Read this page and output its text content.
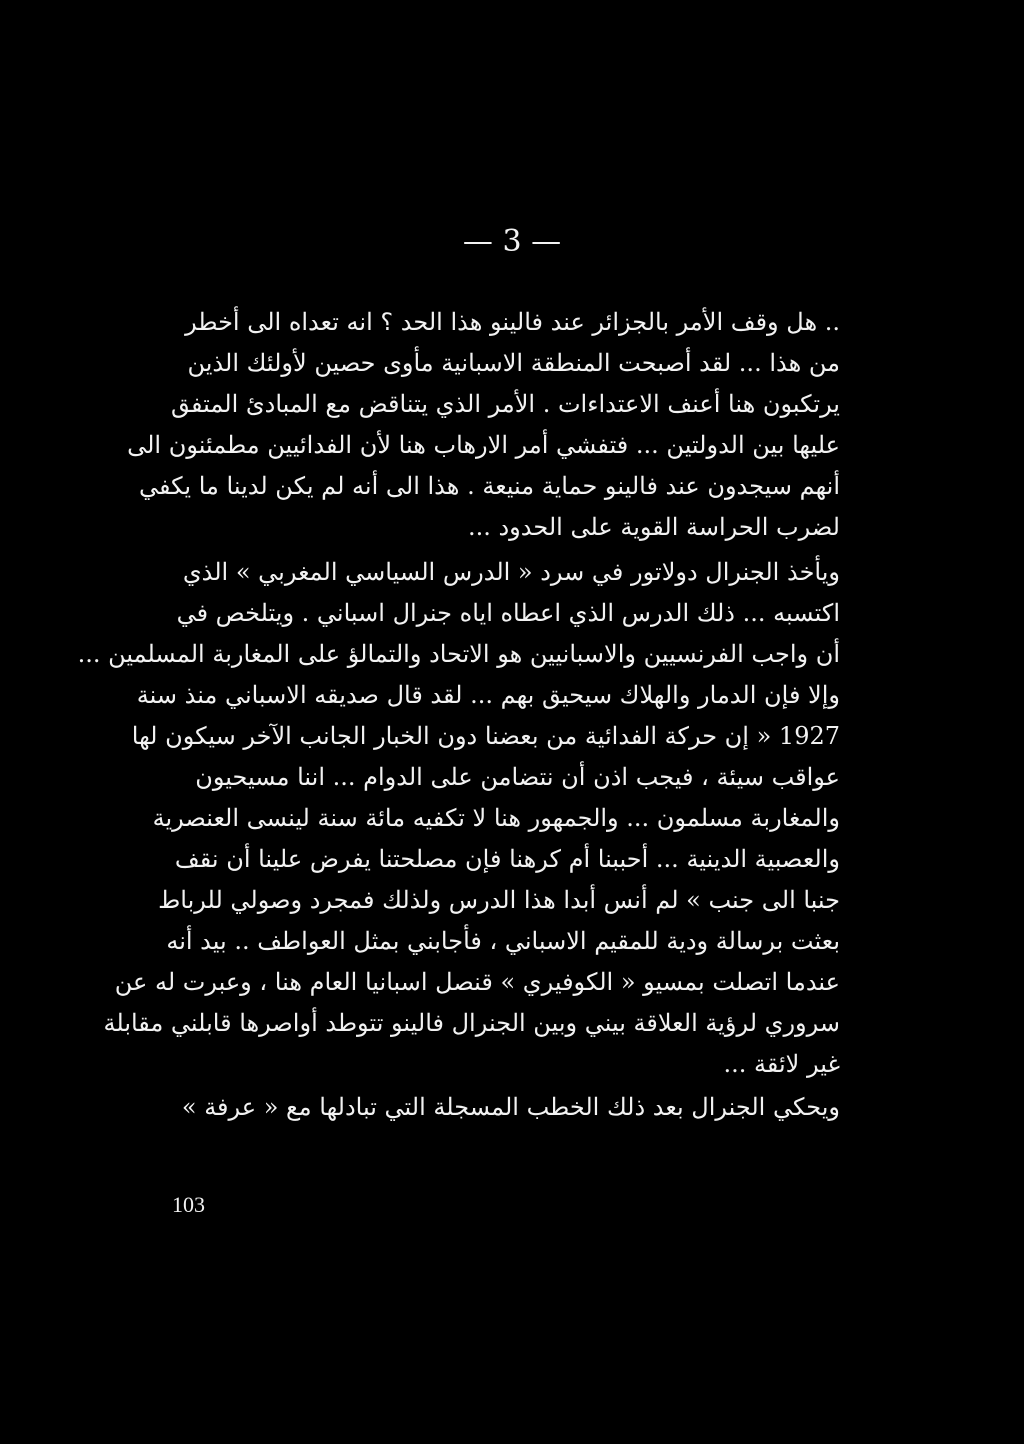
— 3 —
.. هل وقف الأمر بالجزائر عند فالينو هذا الحد ؟ انه تعداه الى أخطر
من هذا ... لقد أصبحت المنطقة الاسبانية مأوى حصين لأولئك الذين
يرتكبون هنا أعنف الاعتداءات . الأمر الذي يتناقض مع المبادئ المتفق
عليها بين الدولتين ... فتفشي أمر الارهاب هنا لأن الفدائيين مطمئنون الى
أنهم سيجدون عند فالينو حماية منيعة . هذا الى أنه لم يكن لدينا ما يكفي
لضرب الحراسة القوية على الحدود ...
ويأخذ الجنرال دولاتور في سرد « الدرس السياسي المغربي » الذي
اكتسبه ... ذلك الدرس الذي اعطاه اياه جنرال اسباني . ويتلخص في
أن واجب الفرنسيين والاسبانيين هو الاتحاد والتمالؤ على المغاربة المسلمين ...
وإلا فإن الدمار والهلاك سيحيق بهم ... لقد قال صديقه الاسباني منذ سنة
1927 « إن حركة الفدائية من بعضنا دون الخبار الجانب الآخر سيكون لها
عواقب سيئة ، فيجب اذن أن نتضامن على الدوام ... اننا مسيحيون
والمغاربة مسلمون ... والجمهور هنا لا تكفيه مائة سنة لينسى العنصرية
والعصبية الدينية ... أحببنا أم كرهنا فإن مصلحتنا يفرض علينا أن نقف
جنبا الى جنب » لم أنس أبدا هذا الدرس ولذلك فمجرد وصولي للرباط
بعثت برسالة ودية للمقيم الاسباني ، فأجابني بمثل العواطف .. بيد أنه
عندما اتصلت بمسيو « الكوفيري » قنصل اسبانيا العام هنا ، وعبرت له عن
سروري لرؤية العلاقة بيني وبين الجنرال فالينو تتوطد أواصرها قابلني مقابلة
غير لائقة ...
ويحكي الجنرال بعد ذلك الخطب المسجلة التي تبادلها مع « عرفة »
103
